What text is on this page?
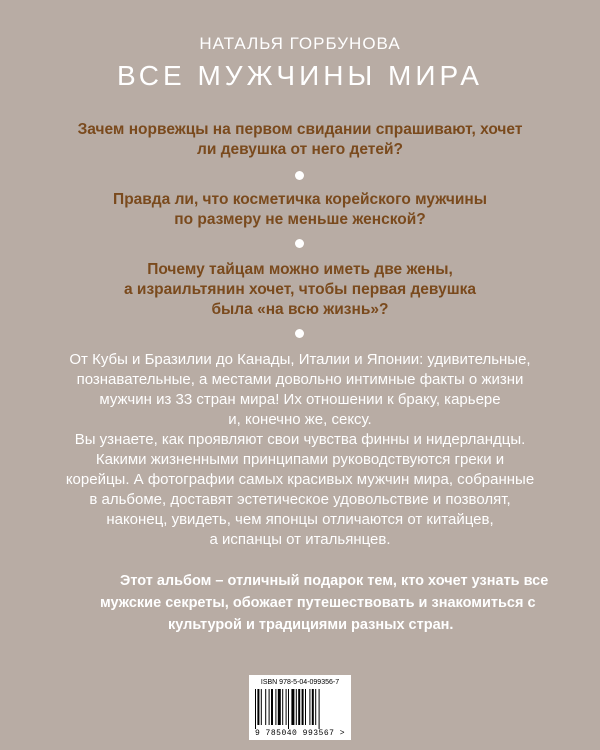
НАТАЛЬЯ ГОРБУНОВА
ВСЕ МУЖЧИНЫ МИРА
Зачем норвежцы на первом свидании спрашивают, хочет
ли девушка от него детей?
Правда ли, что косметичка корейского мужчины
по размеру не меньше женской?
Почему тайцам можно иметь две жены,
а израильтянин хочет, чтобы первая девушка
была «на всю жизнь»?
От Кубы и Бразилии до Канады, Италии и Японии: удивительные,
познавательные, а местами довольно интимные факты о жизни
мужчин из 33 стран мира! Их отношении к браку, карьере
и, конечно же, сексу.
Вы узнаете, как проявляют свои чувства финны и нидерландцы.
Какими жизненными принципами руководствуются греки и
корейцы. А фотографии самых красивых мужчин мира, собранные
в альбоме, доставят эстетическое удовольствие и позволят,
наконец, увидеть, чем японцы отличаются от китайцев,
а испанцы от итальянцев.
Этот альбом – отличный подарок тем, кто хочет узнать все
мужские секреты, обожает путешествовать и знакомиться с
культурой и традициями разных стран.
ISBN 978-5-04-099356-7
9 785040 993567 >
